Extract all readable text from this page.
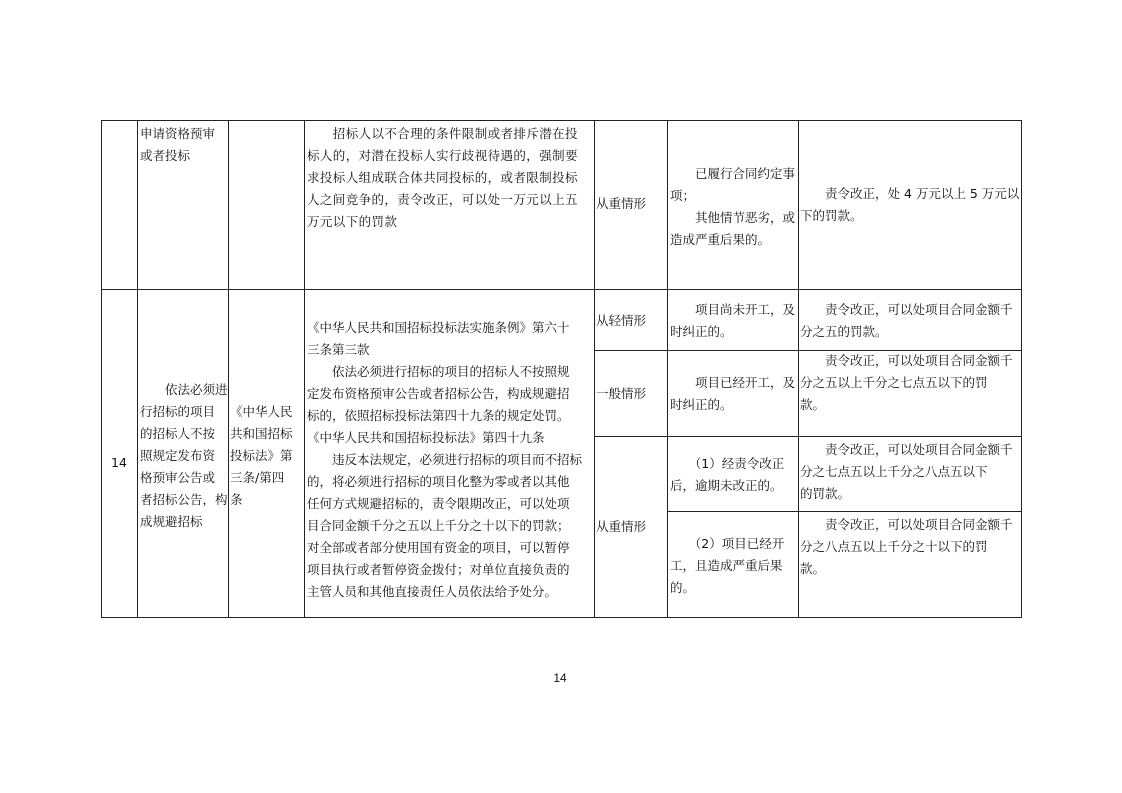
申请资格预审
或者投标
　　招标人以不合理的条件限制或者排斥潜在投
标人的，对潜在投标人实行歧视待遇的，强制要
求投标人组成联合体共同投标的，或者限制投标
人之间竞争的，责令改正，可以处一万元以上五
万元以下的罚款
从重情形
　　已履行合同约定事
项；
　　其他情节恶劣，或
造成严重后果的。
　　责令改正，处 4 万元以上 5 万元以
下的罚款。
14
　　依法必须进
行招标的项目
的招标人不按
照规定发布资
格预审公告或
者招标公告，构
成规避招标
《中华人民
共和国招标
投标法》第
三条/第四
条
《中华人民共和国招标投标法实施条例》第六十
三条第三款
　　依法必须进行招标的项目的招标人不按照规
定发布资格预审公告或者招标公告，构成规避招
标的，依照招标投标法第四十九条的规定处罚。
《中华人民共和国招标投标法》第四十九条
　　违反本法规定，必须进行招标的项目而不招标
的，将必须进行招标的项目化整为零或者以其他
任何方式规避招标的，责令限期改正，可以处项
目合同金额千分之五以上千分之十以下的罚款；
对全部或者部分使用国有资金的项目，可以暂停
项目执行或者暂停资金拨付；对单位直接负责的
主管人员和其他直接责任人员依法给予处分。
从轻情形
　　项目尚未开工，及
时纠正的。
　　责令改正，可以处项目合同金额千
分之五的罚款。
一般情形
　　项目已经开工，及
时纠正的。
　　责令改正，可以处项目合同金额千
分之五以上千分之七点五以下的罚
款。
从重情形
　　（1）经责令改正
后，逾期未改正的。
　　责令改正，可以处项目合同金额千
分之七点五以上千分之八点五以下
的罚款。
　　（2）项目已经开
工，且造成严重后果
的。
　　责令改正，可以处项目合同金额千
分之八点五以上千分之十以下的罚
款。
14
